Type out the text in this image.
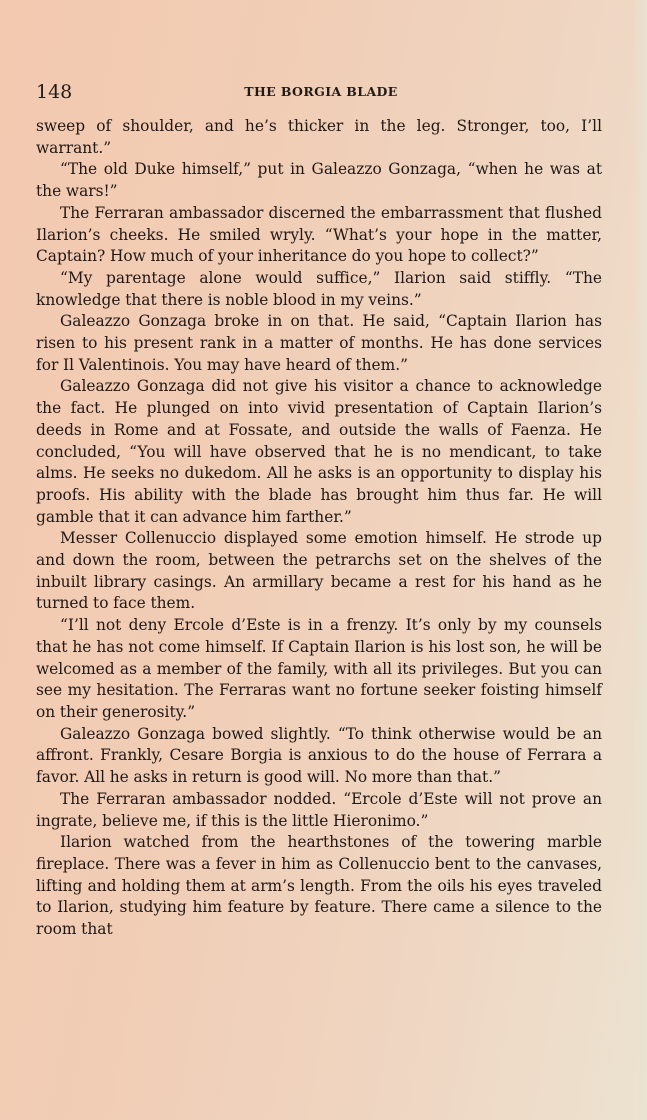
148	THE BORGIA BLADE

sweep of shoulder, and he’s thicker in the leg. Stronger, too, I’ll warrant.”

“The old Duke himself,” put in Galeazzo Gonzaga, “when he was at the wars!”

The Ferraran ambassador discerned the embarrassment that flushed Ilarion’s cheeks. He smiled wryly. “What’s your hope in the matter, Captain? How much of your inheritance do you hope to collect?”

“My parentage alone would suffice,” Ilarion said stiffly. “The knowledge that there is noble blood in my veins.”

Galeazzo Gonzaga broke in on that. He said, “Captain Ilarion has risen to his present rank in a matter of months. He has done services for Il Valentinois. You may have heard of them.”

Galeazzo Gonzaga did not give his visitor a chance to acknowledge the fact. He plunged on into vivid presentation of Captain Ilarion’s deeds in Rome and at Fossate, and outside the walls of Faenza. He concluded, “You will have observed that he is no mendicant, to take alms. He seeks no dukedom. All he asks is an opportunity to display his proofs. His ability with the blade has brought him thus far. He will gamble that it can advance him farther.”

Messer Collenuccio displayed some emotion himself. He strode up and down the room, between the petrarchs set on the shelves of the inbuilt library casings. An armillary became a rest for his hand as he turned to face them.

“I’ll not deny Ercole d’Este is in a frenzy. It’s only by my counsels that he has not come himself. If Captain Ilarion is his lost son, he will be welcomed as a member of the family, with all its privileges. But you can see my hesitation. The Ferraras want no fortune seeker foisting himself on their generosity.”

Galeazzo Gonzaga bowed slightly. “To think otherwise would be an affront. Frankly, Cesare Borgia is anxious to do the house of Ferrara a favor. All he asks in return is good will. No more than that.”

The Ferraran ambassador nodded. “Ercole d’Este will not prove an ingrate, believe me, if this is the little Hieronimo.”

Ilarion watched from the hearthstones of the towering marble fireplace. There was a fever in him as Collenuccio bent to the canvases, lifting and holding them at arm’s length. From the oils his eyes traveled to Ilarion, studying him feature by feature. There came a silence to the room that
